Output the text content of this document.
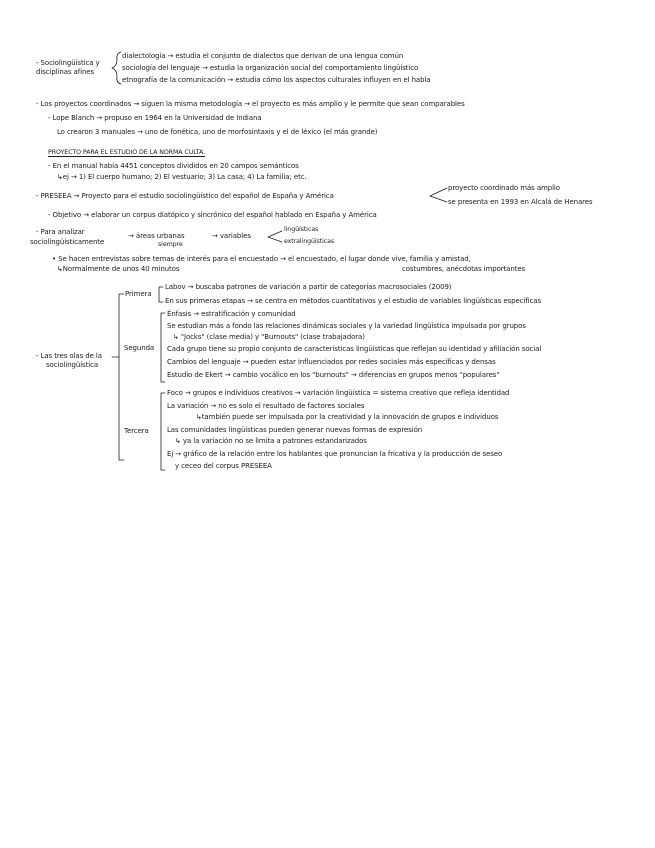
- Sociolingüística y
disciplinas afines
dialectología → estudia el conjunto de dialectos que derivan de una lengua común
sociología del lenguaje → estudia la organización social del comportamiento lingüístico
etnografía de la comunicación → estudia cómo los aspectos culturales influyen en el habla
- Los proyectos coordinados → siguen la misma metodología → el proyecto es más amplio y le permite que sean comparables
- Lope Blanch → propuso en 1964 en la Universidad de Indiana
Lo crearon 3 manuales → uno de fonética, uno de morfosintaxis y el de léxico (el más grande)
PROYECTO PARA EL ESTUDIO DE LA NORMA CULTA.
- En el manual había 4451 conceptos divididos en 20 campos semánticos
↳ej → 1) El cuerpo humano; 2) El vestuario; 3) La casa; 4) La familia; etc.
- PRESEEA → Proyecto para el estudio sociolingüístico del español de España y América
proyecto coordinado más amplio
se presenta en 1993 en Alcalá de Henares
- Objetivo → elaborar un corpus diatópico y sincrónico del español hablado en España y América
- Para analizar
sociolingüísticamente
→ áreas urbanas
siempre
→ variables
lingüísticas
extralingüísticas
• Se hacen entrevistas sobre temas de interés para el encuestado → el encuestado, el lugar donde vive, familia y amistad,
↳Normalmente de unos 40 minutos	costumbres, anécdotas importantes
- Las tres olas de la
sociolingüística
Primera
Labov → buscaba patrones de variación a partir de categorías macrosociales (2009)
En sus primeras etapas → se centra en métodos cuantitativos y el estudio de variables lingüísticas específicas
Segunda
Énfasis → estratificación y comunidad
Se estudian más a fondo las relaciones dinámicas sociales y la variedad lingüística impulsada por grupos
↳ "Jocks" (clase media) y "Burnouts" (clase trabajadora)
Cada grupo tiene su propio conjunto de características lingüísticas que reflejan su identidad y afiliación social
Cambios del lenguaje → pueden estar influenciados por redes sociales más específicas y densas
Estudio de Ekert → cambio vocálico en los "burnouts" → diferencias en grupos menos "populares"
Tercera
Foco → grupos e individuos creativos → variación lingüística = sistema creativo que refleja identidad
La variación → no es solo el resultado de factores sociales
↳también puede ser impulsada por la creatividad y la innovación de grupos e individuos
Las comunidades lingüísticas pueden generar nuevas formas de expresión
↳ ya la variación no se limita a patrones estandarizados
Ej → gráfico de la relación entre los hablantes que pronuncian la fricativa y la producción de seseo
y ceceo del corpus PRESEEA
